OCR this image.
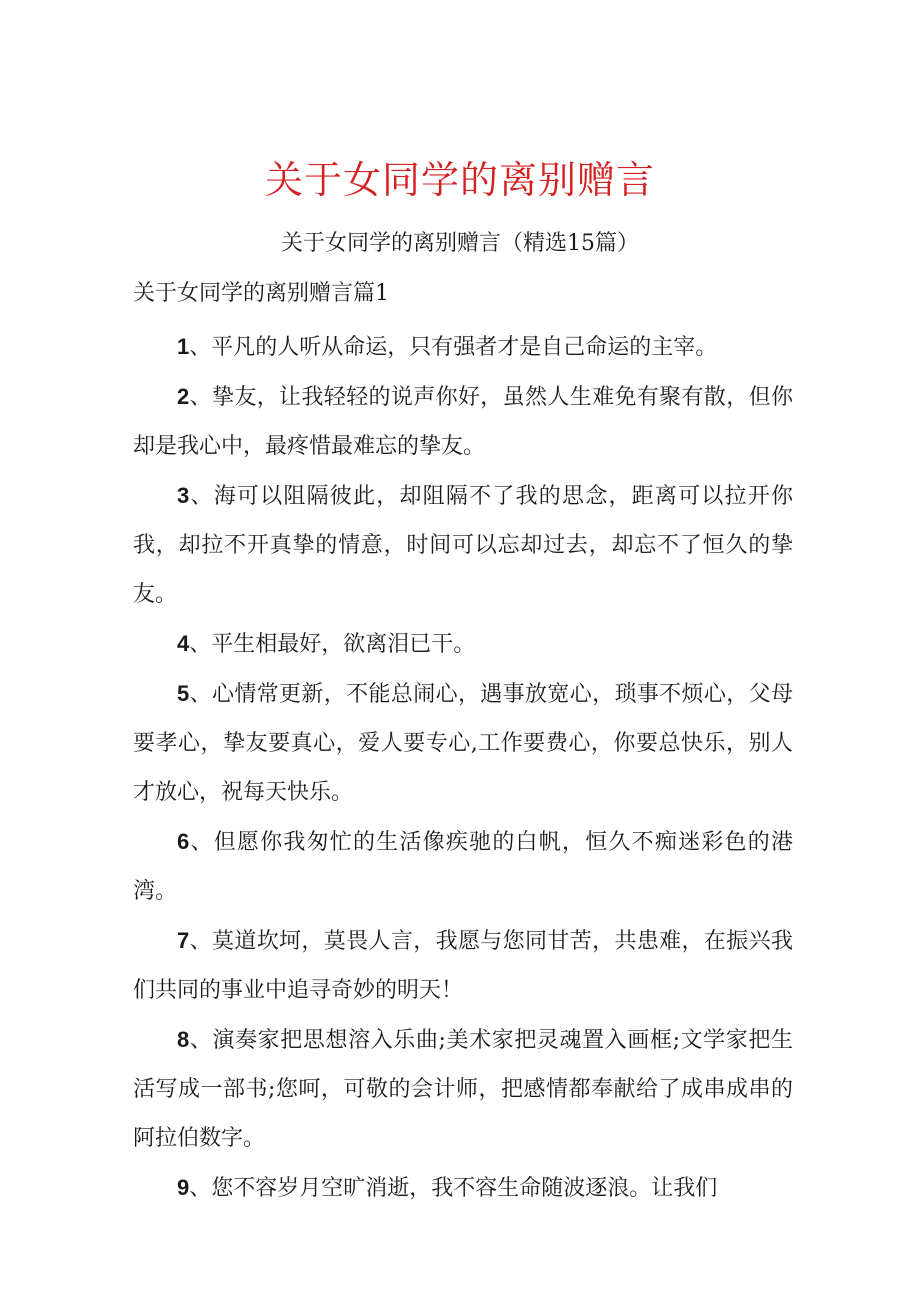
关于女同学的离别赠言
关于女同学的离别赠言（精选15篇）
关于女同学的离别赠言篇1

1、平凡的人听从命运，只有强者才是自己命运的主宰。

2、挚友，让我轻轻的说声你好，虽然人生难免有聚有散，但你却是我心中，最疼惜最难忘的挚友。

3、海可以阻隔彼此，却阻隔不了我的思念，距离可以拉开你我，却拉不开真挚的情意，时间可以忘却过去，却忘不了恒久的挚友。

4、平生相最好，欲离泪已干。

5、心情常更新，不能总闹心，遇事放宽心，琐事不烦心，父母要孝心，挚友要真心，爱人要专心,工作要费心，你要总快乐，别人才放心，祝每天快乐。

6、但愿你我匆忙的生活像疾驰的白帆，恒久不痴迷彩色的港湾。

7、莫道坎坷，莫畏人言，我愿与您同甘苦，共患难，在振兴我们共同的事业中追寻奇妙的明天！

8、演奏家把思想溶入乐曲;美术家把灵魂置入画框;文学家把生活写成一部书;您呵，可敬的会计师，把感情都奉献给了成串成串的阿拉伯数字。

9、您不容岁月空旷消逝，我不容生命随波逐浪。让我们
